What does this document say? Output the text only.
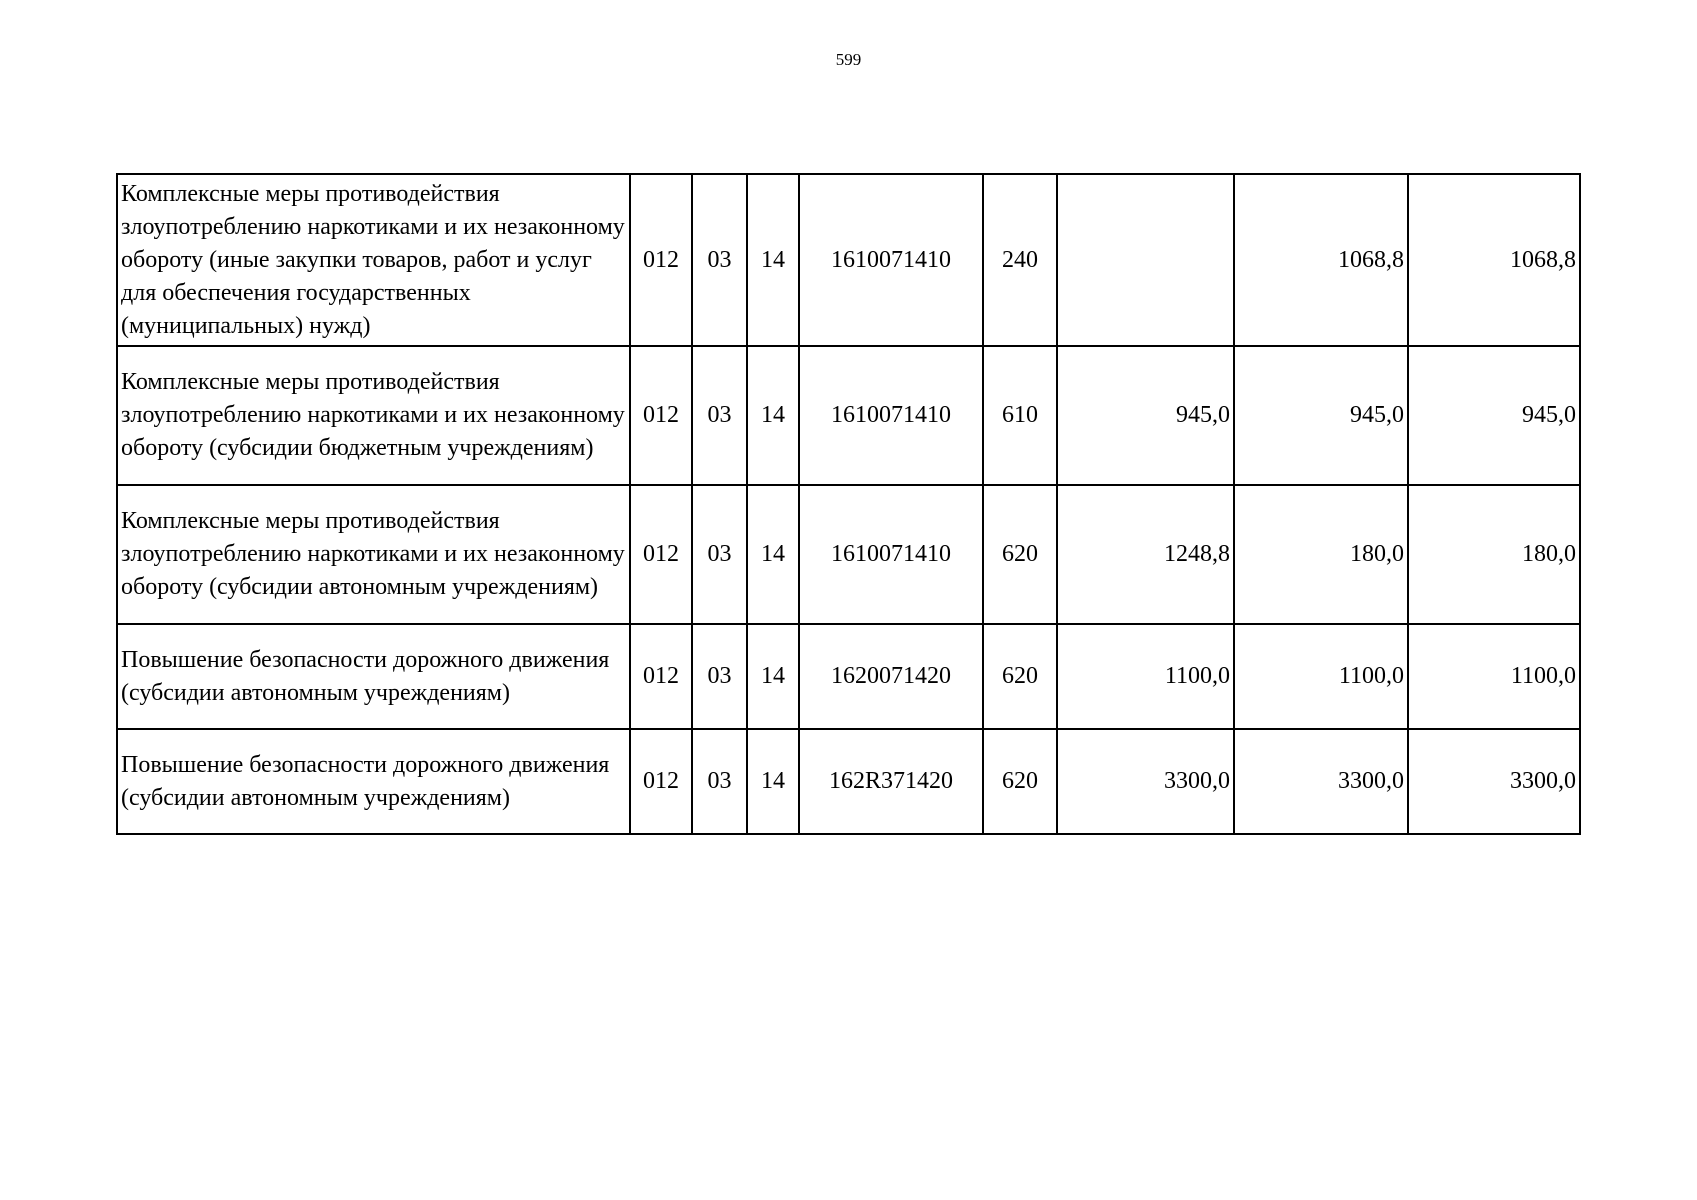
599
Комплексные меры противодействия злоупотреблению наркотиками и их незаконному обороту (иные закупки товаров, работ и услуг для обеспечения государственных (муниципальных) нужд)	012	03	14	1610071410	240		1068,8	1068,8
Комплексные меры противодействия злоупотреблению наркотиками и их незаконному обороту (субсидии бюджетным учреждениям)	012	03	14	1610071410	610	945,0	945,0	945,0
Комплексные меры противодействия злоупотреблению наркотиками и их незаконному обороту (субсидии автономным учреждениям)	012	03	14	1610071410	620	1248,8	180,0	180,0
Повышение безопасности дорожного движения (субсидии автономным учреждениям)	012	03	14	1620071420	620	1100,0	1100,0	1100,0
Повышение безопасности дорожного движения (субсидии автономным учреждениям)	012	03	14	162R371420	620	3300,0	3300,0	3300,0
